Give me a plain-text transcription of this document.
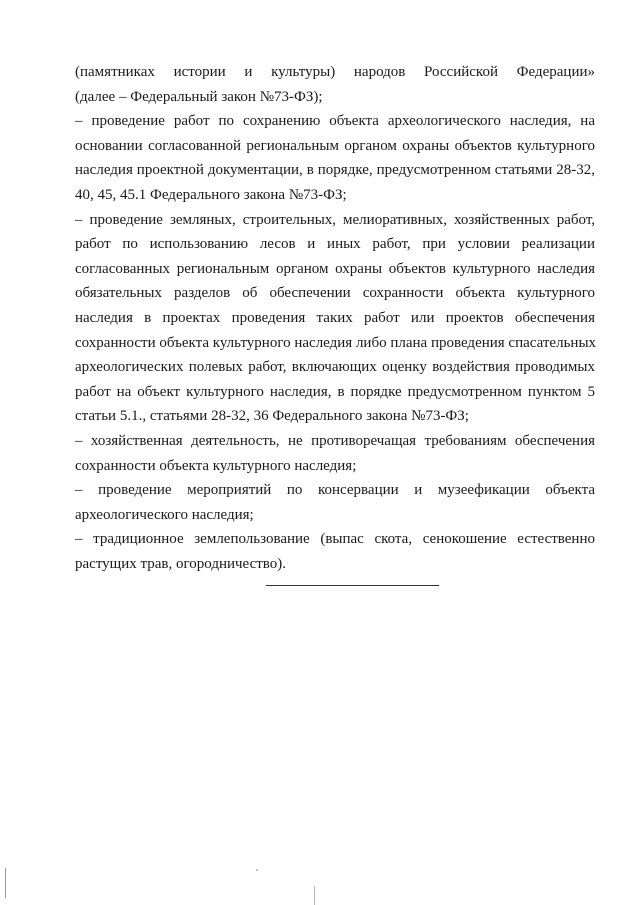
(памятниках истории и культуры) народов Российской Федерации»
(далее – Федеральный закон №73-ФЗ);

– проведение работ по сохранению объекта археологического наследия, на
основании согласованной региональным органом охраны объектов культурного
наследия проектной документации, в порядке, предусмотренном статьями 28-32,
40, 45, 45.1 Федерального закона №73-ФЗ;

– проведение земляных, строительных, мелиоративных, хозяйственных работ,
работ по использованию лесов и иных работ, при условии реализации
согласованных региональным органом охраны объектов культурного наследия
обязательных разделов об обеспечении сохранности объекта культурного
наследия в проектах проведения таких работ или проектов обеспечения
сохранности объекта культурного наследия либо плана проведения спасательных
археологических полевых работ, включающих оценку воздействия проводимых
работ на объект культурного наследия, в порядке предусмотренном пунктом 5
статьи 5.1., статьями 28-32, 36 Федерального закона №73-ФЗ;

– хозяйственная деятельность, не противоречащая требованиям обеспечения
сохранности объекта культурного наследия;

– проведение мероприятий по консервации и музеефикации объекта
археологического наследия;

– традиционное землепользование (выпас скота, сенокошение естественно
растущих трав, огородничество).
